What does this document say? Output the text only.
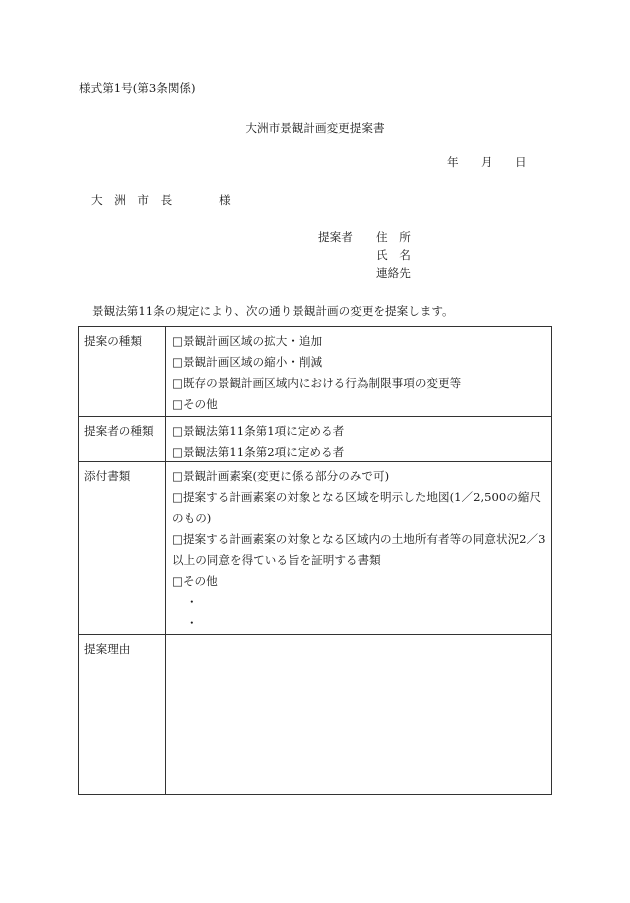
様式第1号(第3条関係)
大洲市景観計画変更提案書
年 月 日
大　洲　市　長	様
提案者 住　所
氏　名
連絡先
景観法第11条の規定により、次の通り景観計画の変更を提案します。
提案の種類	□景観計画区域の拡大・追加
□景観計画区域の縮小・削減
□既存の景観計画区域内における行為制限事項の変更等
□その他
提案者の種類	□景観法第11条第1項に定める者
□景観法第11条第2項に定める者
添付書類	□景観計画素案(変更に係る部分のみで可)
□提案する計画素案の対象となる区域を明示した地図(1／2,500の縮尺
のもの)
□提案する計画素案の対象となる区域内の土地所有者等の同意状況2／3
以上の同意を得ている旨を証明する書類
□その他
・
・
提案理由
